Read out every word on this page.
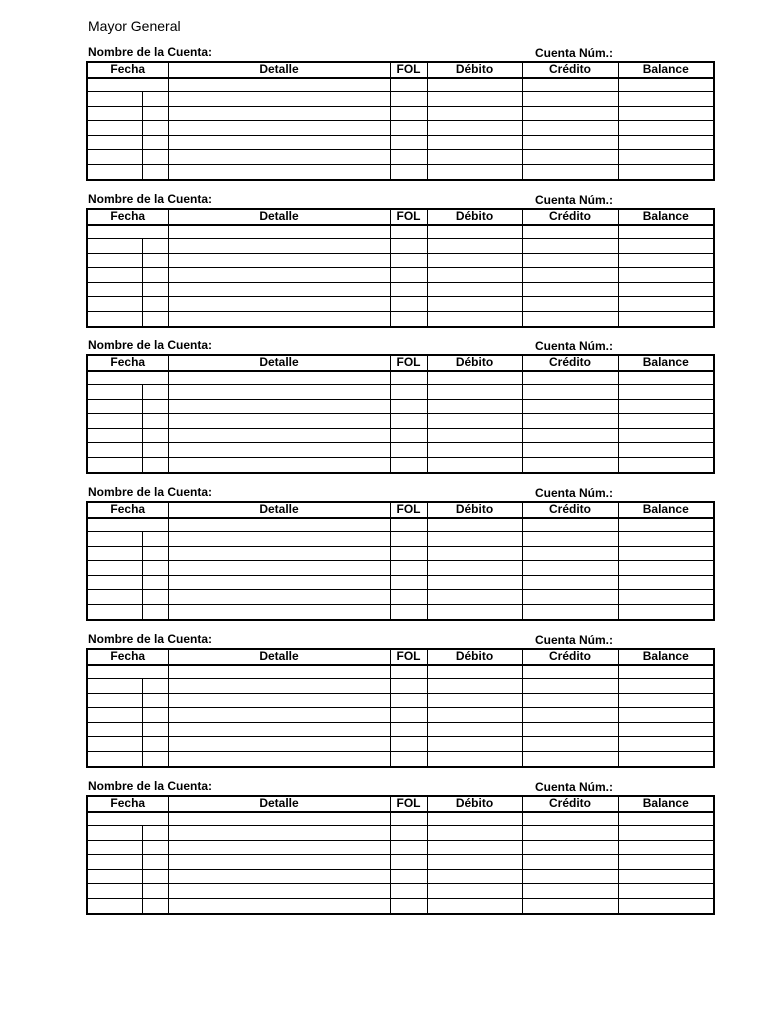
Mayor General
Nombre de la Cuenta:	Cuenta Núm.:
Fecha		Detalle	FOL	Débito	Crédito	Balance

Nombre de la Cuenta:	Cuenta Núm.:
Fecha		Detalle	FOL	Débito	Crédito	Balance

Nombre de la Cuenta:	Cuenta Núm.:
Fecha		Detalle	FOL	Débito	Crédito	Balance

Nombre de la Cuenta:	Cuenta Núm.:
Fecha		Detalle	FOL	Débito	Crédito	Balance

Nombre de la Cuenta:	Cuenta Núm.:
Fecha		Detalle	FOL	Débito	Crédito	Balance

Nombre de la Cuenta:	Cuenta Núm.:
Fecha		Detalle	FOL	Débito	Crédito	Balance
